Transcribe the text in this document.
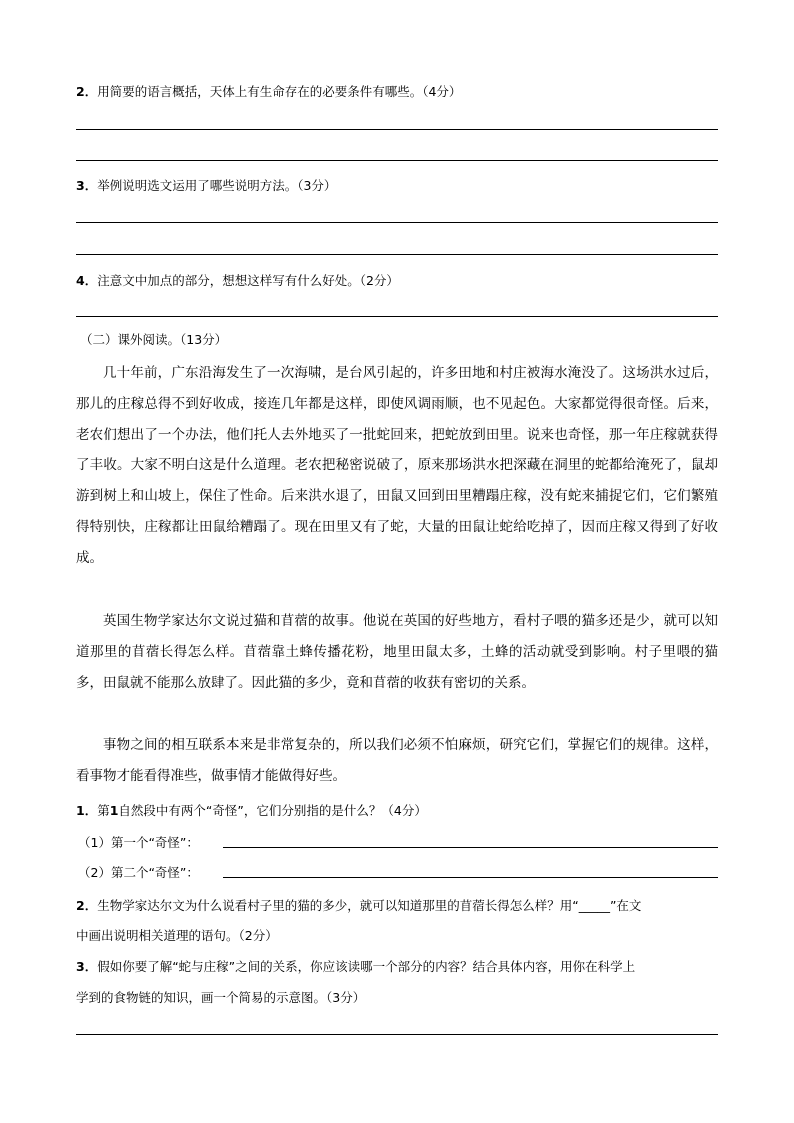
2．用简要的语言概括，天体上有生命存在的必要条件有哪些。（4分）
3．举例说明选文运用了哪些说明方法。（3分）
4．注意文中加点的部分，想想这样写有什么好处。（2分）
（二）课外阅读。（13分）

几十年前，广东沿海发生了一次海啸，是台风引起的，许多田地和村庄被海水淹没了。这场洪水过后，那儿的庄稼总得不到好收成，接连几年都是这样，即使风调雨顺，也不见起色。大家都觉得很奇怪。后来，老农们想出了一个办法，他们托人去外地买了一批蛇回来，把蛇放到田里。说来也奇怪，那一年庄稼就获得了丰收。大家不明白这是什么道理。老农把秘密说破了，原来那场洪水把深藏在洞里的蛇都给淹死了，鼠却游到树上和山坡上，保住了性命。后来洪水退了，田鼠又回到田里糟蹋庄稼，没有蛇来捕捉它们，它们繁殖得特别快，庄稼都让田鼠给糟蹋了。现在田里又有了蛇，大量的田鼠让蛇给吃掉了，因而庄稼又得到了好收成。

英国生物学家达尔文说过猫和苜蓿的故事。他说在英国的好些地方，看村子喂的猫多还是少，就可以知道那里的苜蓿长得怎么样。苜蓿靠土蜂传播花粉，地里田鼠太多，土蜂的活动就受到影响。村子里喂的猫多，田鼠就不能那么放肆了。因此猫的多少，竟和苜蓿的收获有密切的关系。

事物之间的相互联系本来是非常复杂的，所以我们必须不怕麻烦，研究它们，掌握它们的规律。这样，看事物才能看得准些，做事情才能做得好些。

1．第1自然段中有两个“奇怪”，它们分别指的是什么？（4分）
（1）第一个“奇怪”：
（2）第二个“奇怪”：
2．生物学家达尔文为什么说看村子里的猫的多少，就可以知道那里的苜蓿长得怎么样？用“_____”在文
中画出说明相关道理的语句。（2分）
3．假如你要了解“蛇与庄稼”之间的关系，你应该读哪一个部分的内容？结合具体内容，用你在科学上
学到的食物链的知识，画一个简易的示意图。（3分）
